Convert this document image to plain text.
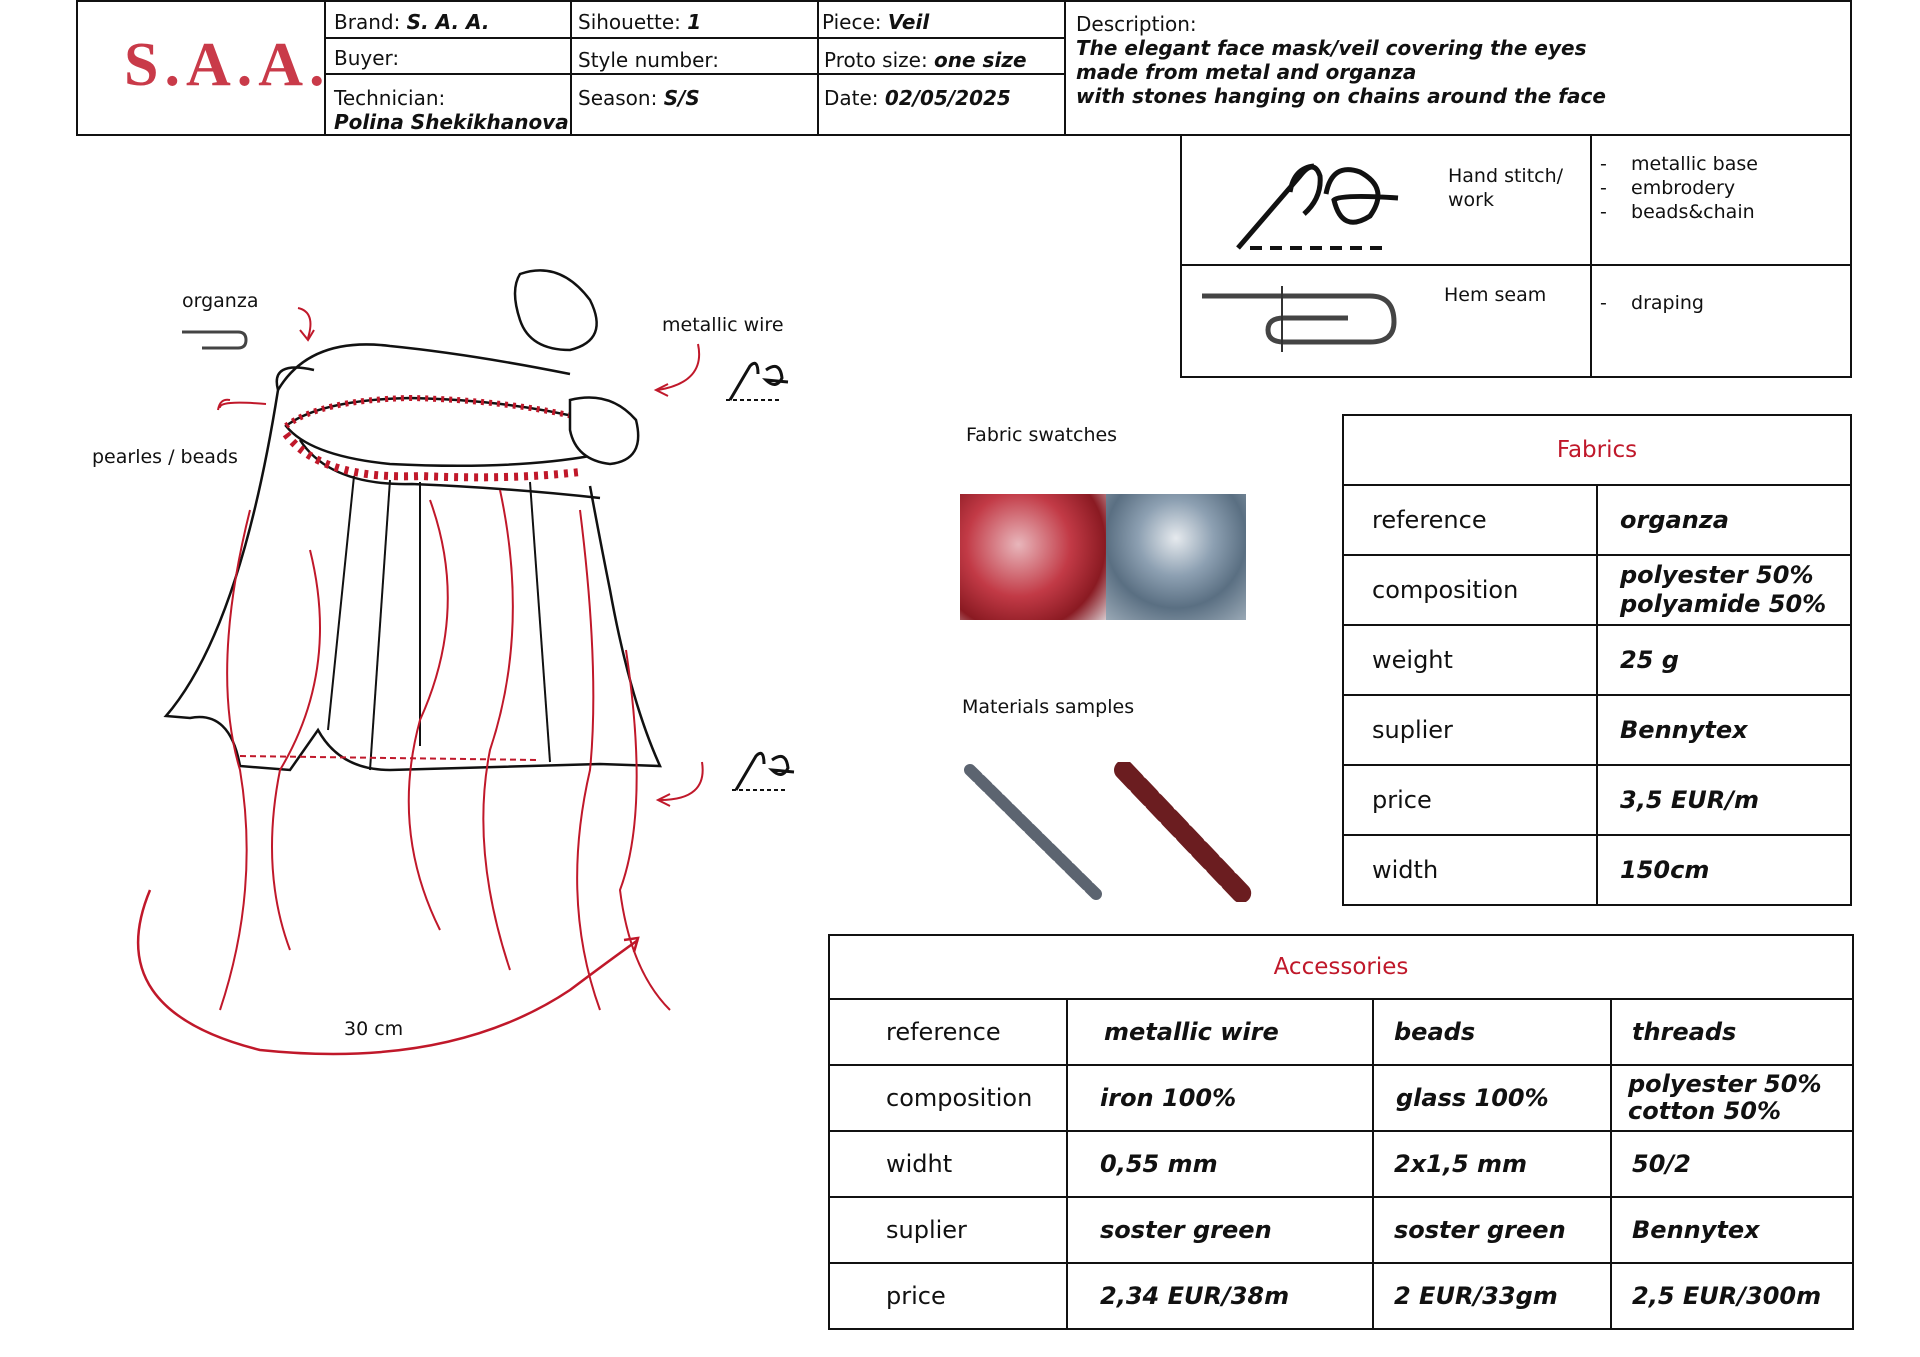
S.A.A.
Brand: S. A. A.	Sihouette: 1	Piece: Veil
Buyer:	Style number:	Proto size: one size
Technician:
Polina Shekikhanova
Season: S/S	Date: 02/05/2025
Description:
The elegant face mask/veil covering the eyes
made from metal and organza
with stones hanging on chains around the face
Hand stitch/ work
-    metallic base
-    embrodery
-    beads&chain
Hem seam	-    draping
organza
pearles / beads
metallic wire
30 cm
Fabric swatches
Materials samples
Fabrics	
reference	organza
composition	polyester 50%
polyamide 50%

weight	25 g
suplier	Bennytex
price	3,5 EUR/m
width	150cm
Accessories			
reference	metallic wire	beads	threads
composition	iron 100%	glass 100%	polyester 50%
cotton 50%

widht	0,55 mm	2x1,5 mm	50/2
suplier	soster green	soster green	Bennytex
price	2,34 EUR/38m	2 EUR/33gm	2,5 EUR/300m
